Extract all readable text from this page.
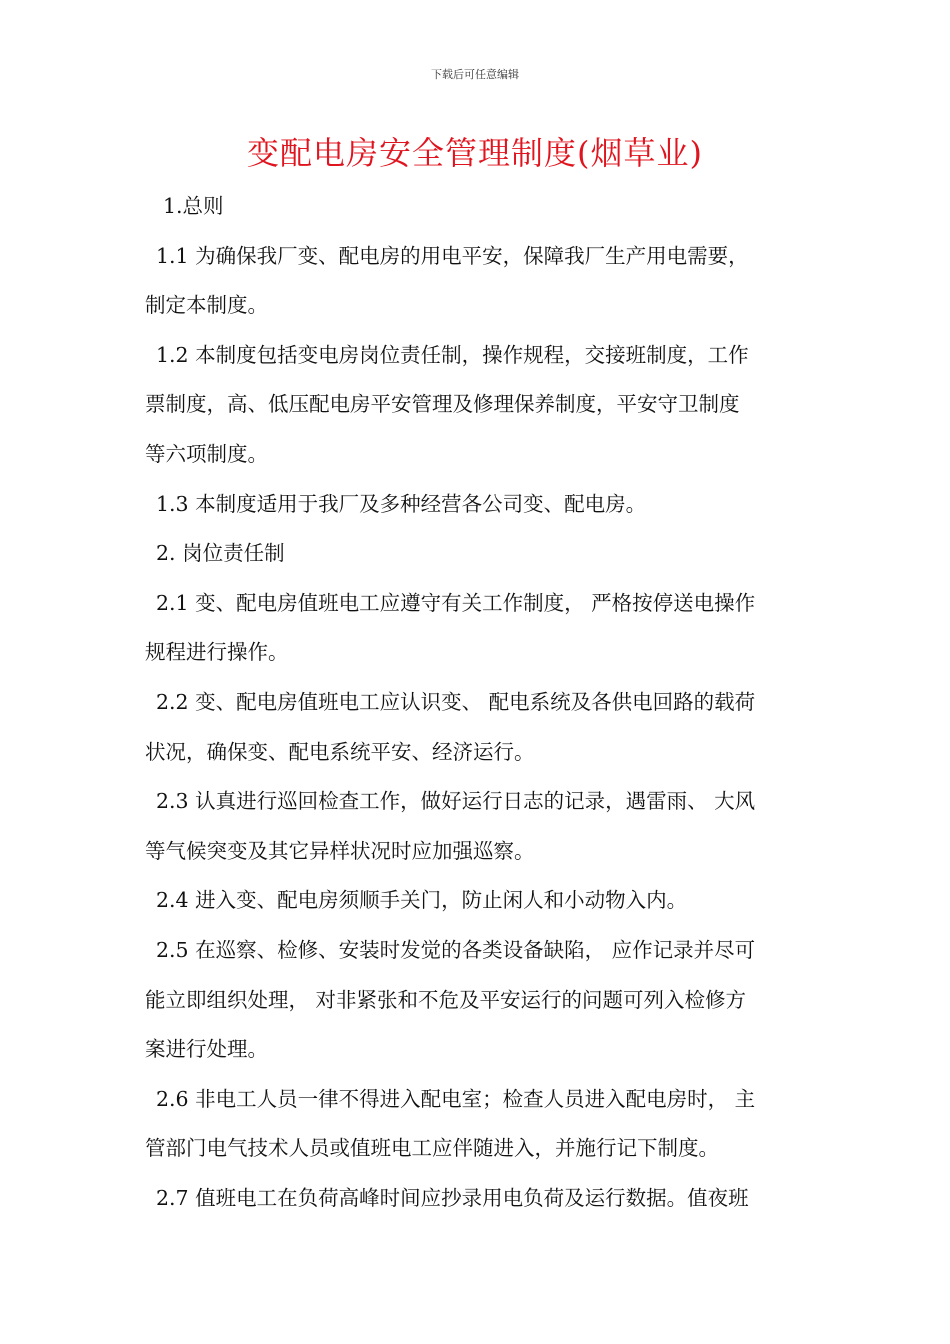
下载后可任意编辑
变配电房安全管理制度(烟草业)
1.总则
1.1 为确保我厂变、配电房的用电平安，保障我厂生产用电需要，
制定本制度。
1.2 本制度包括变电房岗位责任制，操作规程，交接班制度，工作
票制度，高、低压配电房平安管理及修理保养制度，平安守卫制度
等六项制度。
1.3 本制度适用于我厂及多种经营各公司变、配电房。
2. 岗位责任制
2.1 变、配电房值班电工应遵守有关工作制度， 严格按停送电操作
规程进行操作。
2.2 变、配电房值班电工应认识变、 配电系统及各供电回路的载荷
状况，确保变、配电系统平安、经济运行。
2.3 认真进行巡回检查工作，做好运行日志的记录，遇雷雨、 大风
等气候突变及其它异样状况时应加强巡察。
2.4 进入变、配电房须顺手关门，防止闲人和小动物入内。
2.5 在巡察、检修、安装时发觉的各类设备缺陷， 应作记录并尽可
能立即组织处理， 对非紧张和不危及平安运行的问题可列入检修方
案进行处理。
2.6 非电工人员一律不得进入配电室；检查人员进入配电房时， 主
管部门电气技术人员或值班电工应伴随进入，并施行记下制度。
2.7 值班电工在负荷高峰时间应抄录用电负荷及运行数据。值夜班
